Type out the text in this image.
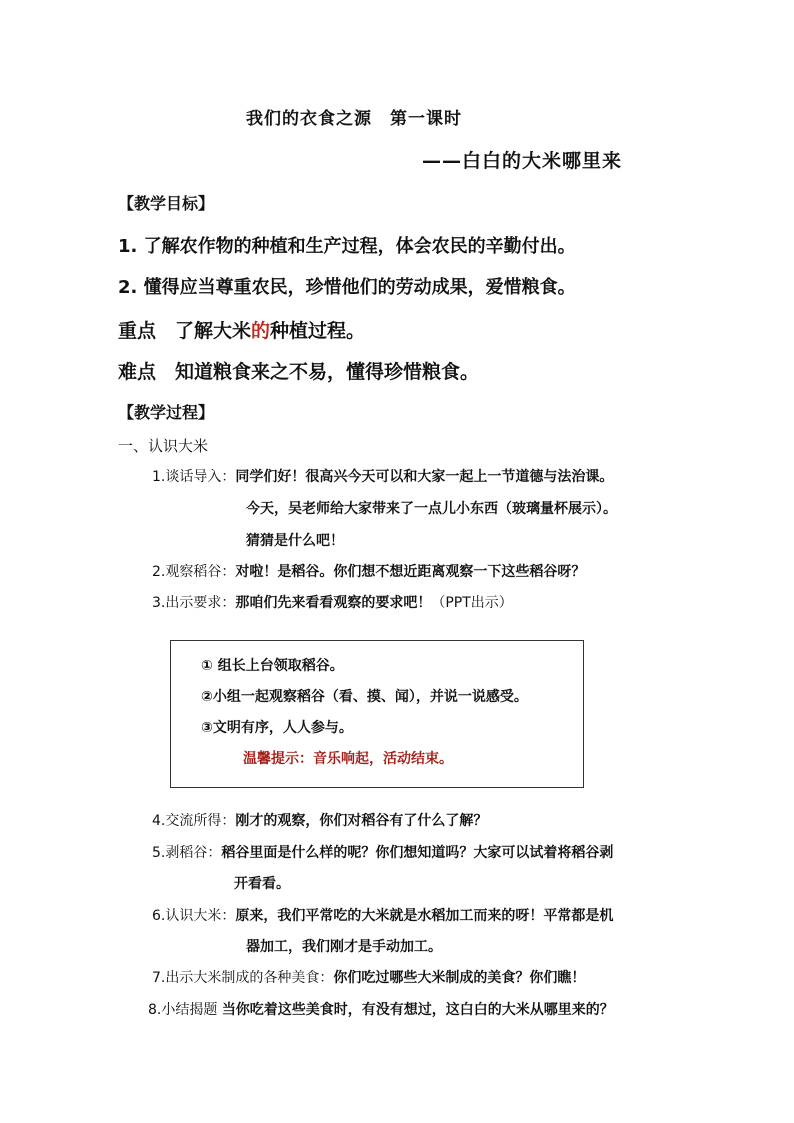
我们的衣食之源　第一课时
——白白的大米哪里来
【教学目标】
1. 了解农作物的种植和生产过程，体会农民的辛勤付出。
2. 懂得应当尊重农民，珍惜他们的劳动成果，爱惜粮食。
重点　了解大米的种植过程。
难点　知道粮食来之不易，懂得珍惜粮食。
【教学过程】
一、认识大米
1.谈话导入：同学们好！很高兴今天可以和大家一起上一节道德与法治课。
今天，吴老师给大家带来了一点儿小东西（玻璃量杯展示）。
猜猜是什么吧！
2.观察稻谷：对啦！是稻谷。你们想不想近距离观察一下这些稻谷呀？
3.出示要求：那咱们先来看看观察的要求吧！（PPT出示）
① 组长上台领取稻谷。
②小组一起观察稻谷（看、摸、闻），并说一说感受。
③文明有序，人人参与。
温馨提示：音乐响起，活动结束。
4.交流所得：刚才的观察，你们对稻谷有了什么了解？
5.剥稻谷：稻谷里面是什么样的呢？你们想知道吗？大家可以试着将稻谷剥
开看看。
6.认识大米：原来，我们平常吃的大米就是水稻加工而来的呀！平常都是机
器加工，我们刚才是手动加工。
7.出示大米制成的各种美食：你们吃过哪些大米制成的美食？你们瞧！
8.小结揭题 当你吃着这些美食时，有没有想过，这白白的大米从哪里来的？
